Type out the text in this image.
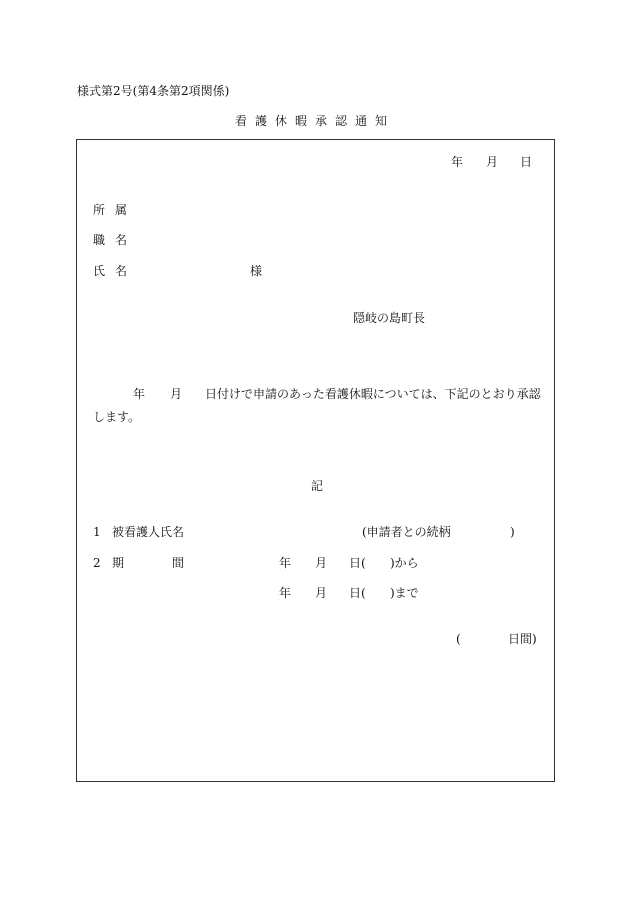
様式第2号(第4条第2項関係)
看護休暇承認通知
年 月 日
所属
職名
氏名	様
隠岐の島町長
年 月 日付けで申請のあった看護休暇については、下記のとおり承認
します。
記
1 被看護人氏名	(申請者との続柄	)
2 期	間	年 月 日( )から
年 月 日( )まで
(	日間)
